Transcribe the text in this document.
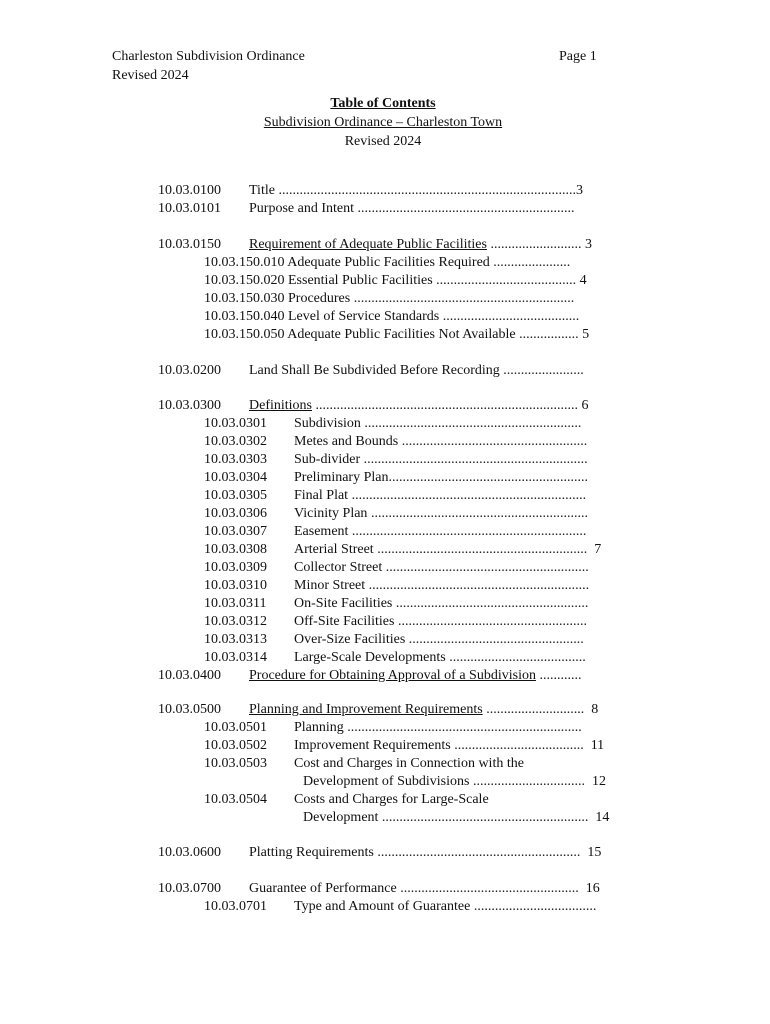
Charleston Subdivision Ordinance
Revised 2024
Page 1
Table of Contents
Subdivision Ordinance – Charleston Town
Revised 2024
10.03.0100 Title .....................................................................................3
10.03.0101 Purpose and Intent ..............................................................
10.03.0150 Requirement of Adequate Public Facilities .......................... 3
10.03.150.010 Adequate Public Facilities Required ......................
10.03.150.020 Essential Public Facilities ........................................ 4
10.03.150.030 Procedures ...............................................................
10.03.150.040 Level of Service Standards .......................................
10.03.150.050 Adequate Public Facilities Not Available ................. 5
10.03.0200 Land Shall Be Subdivided Before Recording .......................
10.03.0300 Definitions ........................................................................... 6
10.03.0301 Subdivision ..............................................................
10.03.0302 Metes and Bounds .....................................................
10.03.0303 Sub-divider ................................................................
10.03.0304 Preliminary Plan.........................................................
10.03.0305 Final Plat ...................................................................
10.03.0306 Vicinity Plan ..............................................................
10.03.0307 Easement ...................................................................
10.03.0308 Arterial Street ............................................................  7
10.03.0309 Collector Street ..........................................................
10.03.0310 Minor Street ...............................................................
10.03.0311 On-Site Facilities .......................................................
10.03.0312 Off-Site Facilities ......................................................
10.03.0313 Over-Size Facilities ..................................................
10.03.0314 Large-Scale Developments .......................................
10.03.0400 Procedure for Obtaining Approval of a Subdivision ............
10.03.0500 Planning and Improvement Requirements ............................  8
10.03.0501 Planning ...................................................................
10.03.0502 Improvement Requirements .....................................  11
10.03.0503 Cost and Charges in Connection with the
Development of Subdivisions ................................  12
10.03.0504 Costs and Charges for Large-Scale
Development ...........................................................  14
10.03.0600 Platting Requirements ..........................................................  15
10.03.0700 Guarantee of Performance ...................................................  16
10.03.0701 Type and Amount of Guarantee ...................................
